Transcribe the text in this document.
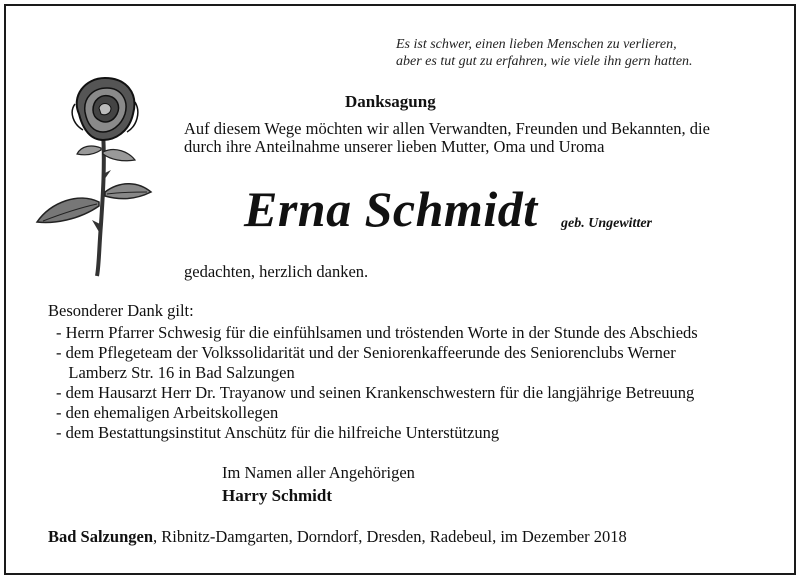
Es ist schwer, einen lieben Menschen zu verlieren,
aber es tut gut zu erfahren, wie viele ihn gern hatten.
Danksagung
Auf diesem Wege möchten wir allen Verwandten, Freunden und Bekannten, die
durch ihre Anteilnahme unserer lieben Mutter, Oma und Uroma
Erna Schmidt geb. Ungewitter
gedachten, herzlich danken.
Besonderer Dank gilt:
- Herrn Pfarrer Schwesig für die einfühlsamen und tröstenden Worte in der Stunde des Abschieds
- dem Pflegeteam der Volkssolidarität und der Seniorenkaffeerunde des Seniorenclubs Werner
Lamberz Str. 16 in Bad Salzungen
- dem Hausarzt Herr Dr. Trayanow und seinen Krankenschwestern für die langjährige Betreuung
- den ehemaligen Arbeitskollegen
- dem Bestattungsinstitut Anschütz für die hilfreiche Unterstützung
Im Namen aller Angehörigen
Harry Schmidt
Bad Salzungen, Ribnitz-Damgarten, Dorndorf, Dresden, Radebeul, im Dezember 2018
